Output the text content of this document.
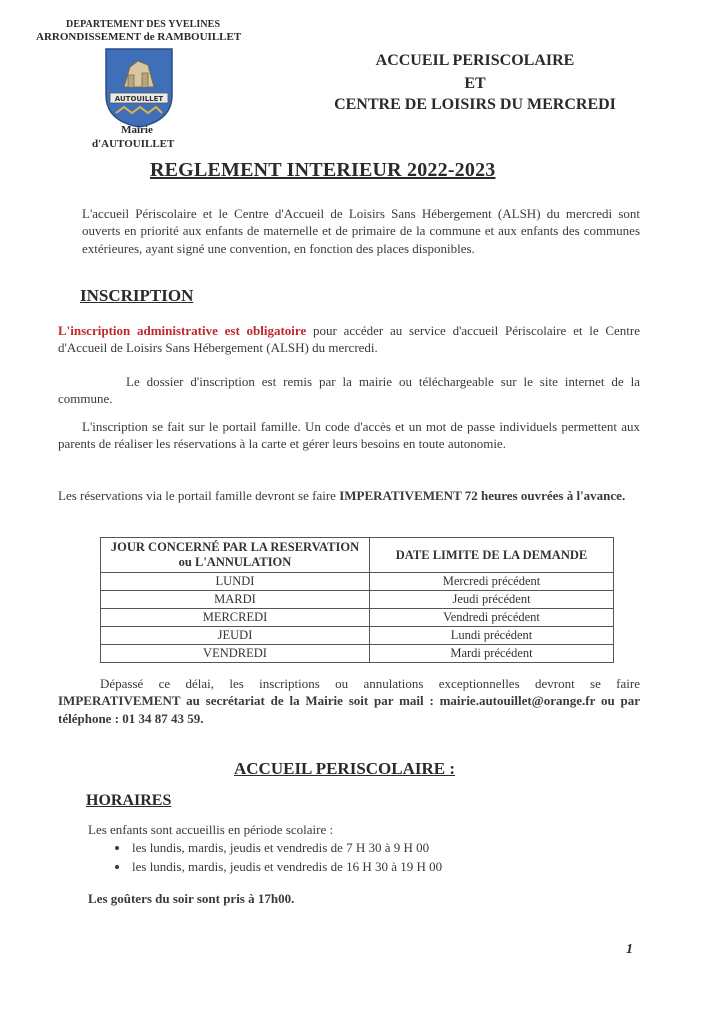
DEPARTEMENT DES YVELINES
ARRONDISSEMENT de RAMBOUILLET
AUTOUILLET
Mairie
d'AUTOUILLET
ACCUEIL PERISCOLAIRE
ET
CENTRE DE LOISIRS DU MERCREDI
REGLEMENT INTERIEUR 2022-2023
L'accueil Périscolaire et le Centre d'Accueil de Loisirs Sans Hébergement (ALSH) du mercredi sont ouverts en priorité aux enfants de maternelle et de primaire de la commune et aux enfants des communes extérieures, ayant signé une convention, en fonction des places disponibles.
INSCRIPTION
L'inscription administrative est obligatoire pour accéder au service d'accueil Périscolaire et le Centre d'Accueil de Loisirs Sans Hébergement (ALSH) du mercredi.
Le dossier d'inscription est remis par la mairie ou téléchargeable sur le site internet de la commune.
L'inscription se fait sur le portail famille. Un code d'accès et un mot de passe individuels permettent aux parents de réaliser les réservations à la carte et gérer leurs besoins en toute autonomie.
Les réservations via le portail famille devront se faire IMPERATIVEMENT 72 heures ouvrées à l'avance.
JOUR CONCERNÉ PAR LA RESERVATION ou L'ANNULATION	DATE LIMITE DE LA DEMANDE
LUNDI	Mercredi précédent
MARDI	Jeudi précédent
MERCREDI	Vendredi précédent
JEUDI	Lundi précédent
VENDREDI	Mardi précédent
Dépassé ce délai, les inscriptions ou annulations exceptionnelles devront se faire IMPERATIVEMENT au secrétariat de la Mairie soit par mail : mairie.autouillet@orange.fr ou par téléphone : 01 34 87 43 59.
ACCUEIL PERISCOLAIRE :
HORAIRES
Les enfants sont accueillis en période scolaire :
• les lundis, mardis, jeudis et vendredis de 7 H 30 à 9 H 00
• les lundis, mardis, jeudis et vendredis de 16 H 30 à 19 H 00
Les goûters du soir sont pris à 17h00.
1
